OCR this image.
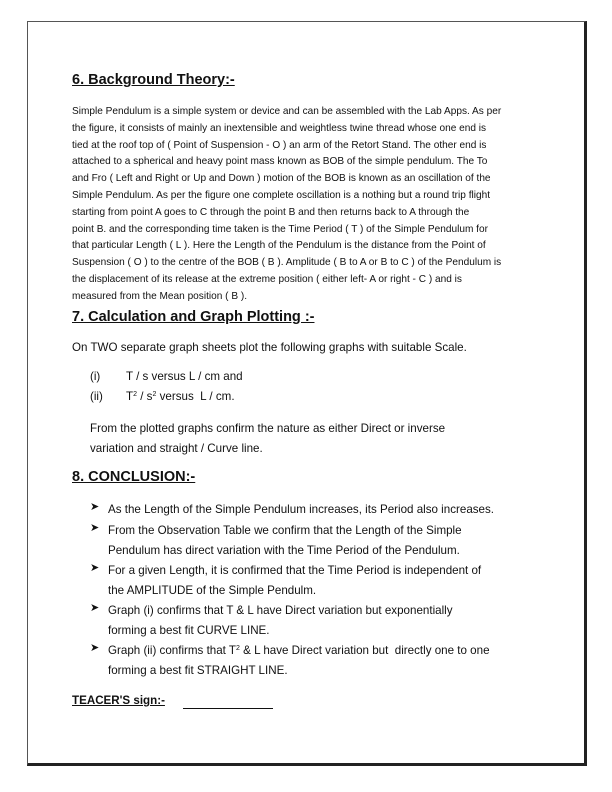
6. Background Theory:-
Simple Pendulum is a simple system or device and can be assembled with the Lab Apps. As per
the figure, it consists of mainly an inextensible and weightless twine thread whose one end is
tied at the roof top of ( Point of Suspension - O ) an arm of the Retort Stand. The other end is
attached to a spherical and heavy point mass known as BOB of the simple pendulum. The To
and Fro ( Left and Right or Up and Down ) motion of the BOB is known as an oscillation of the
Simple Pendulum. As per the figure one complete oscillation is a nothing but a round trip flight
starting from point A goes to C through the point B and then returns back to A through the
point B. and the corresponding time taken is the Time Period ( T ) of the Simple Pendulum for
that particular Length ( L ). Here the Length of the Pendulum is the distance from the Point of
Suspension ( O ) to the centre of the BOB ( B ). Amplitude ( B to A or B to C ) of the Pendulum is
the displacement of its release at the extreme position ( either left- A or right - C ) and is
measured from the Mean position ( B ).
7. Calculation and Graph Plotting :-
On TWO separate graph sheets plot the following graphs with suitable Scale.
(i) T / s versus L / cm and
(ii) $T^2 / s^2$ versus  L / cm.
From the plotted graphs confirm the nature as either Direct or inverse
variation and straight / Curve line.
8. CONCLUSION:-
➤ As the Length of the Simple Pendulum increases, its Period also increases.
➤ From the Observation Table we confirm that the Length of the Simple
Pendulum has direct variation with the Time Period of the Pendulum.
➤ For a given Length, it is confirmed that the Time Period is independent of
the AMPLITUDE of the Simple Pendulm.
➤ Graph (i) confirms that T & L have Direct variation but exponentially
forming a best fit CURVE LINE.
➤ Graph (ii) confirms that $T^2$ & L have Direct variation but  directly one to one
forming a best fit STRAIGHT LINE.
TEACER'S sign:-
